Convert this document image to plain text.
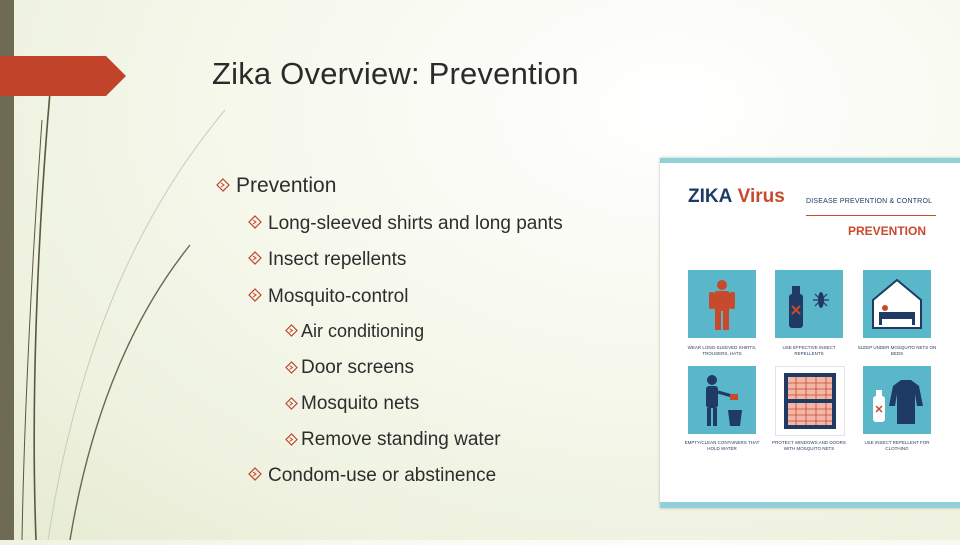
Zika Overview: Prevention
Prevention
Long-sleeved shirts and long pants
Insect repellents
Mosquito-control
Air conditioning
Door screens
Mosquito nets
Remove standing water
Condom-use or abstinence
ZIKA Virus	DISEASE PREVENTION & CONTROL
PREVENTION
WEAR LONG-SLEEVED SHIRTS, TROUSERS, HATS
USE EFFECTIVE INSECT REPELLENTS
SLEEP UNDER MOSQUITO NETS ON BEDS
EMPTY/CLEAN CONTAINERS THAT HOLD WATER
PROTECT WINDOWS AND DOORS WITH MOSQUITO NETS
USE INSECT REPELLENT FOR CLOTHING
